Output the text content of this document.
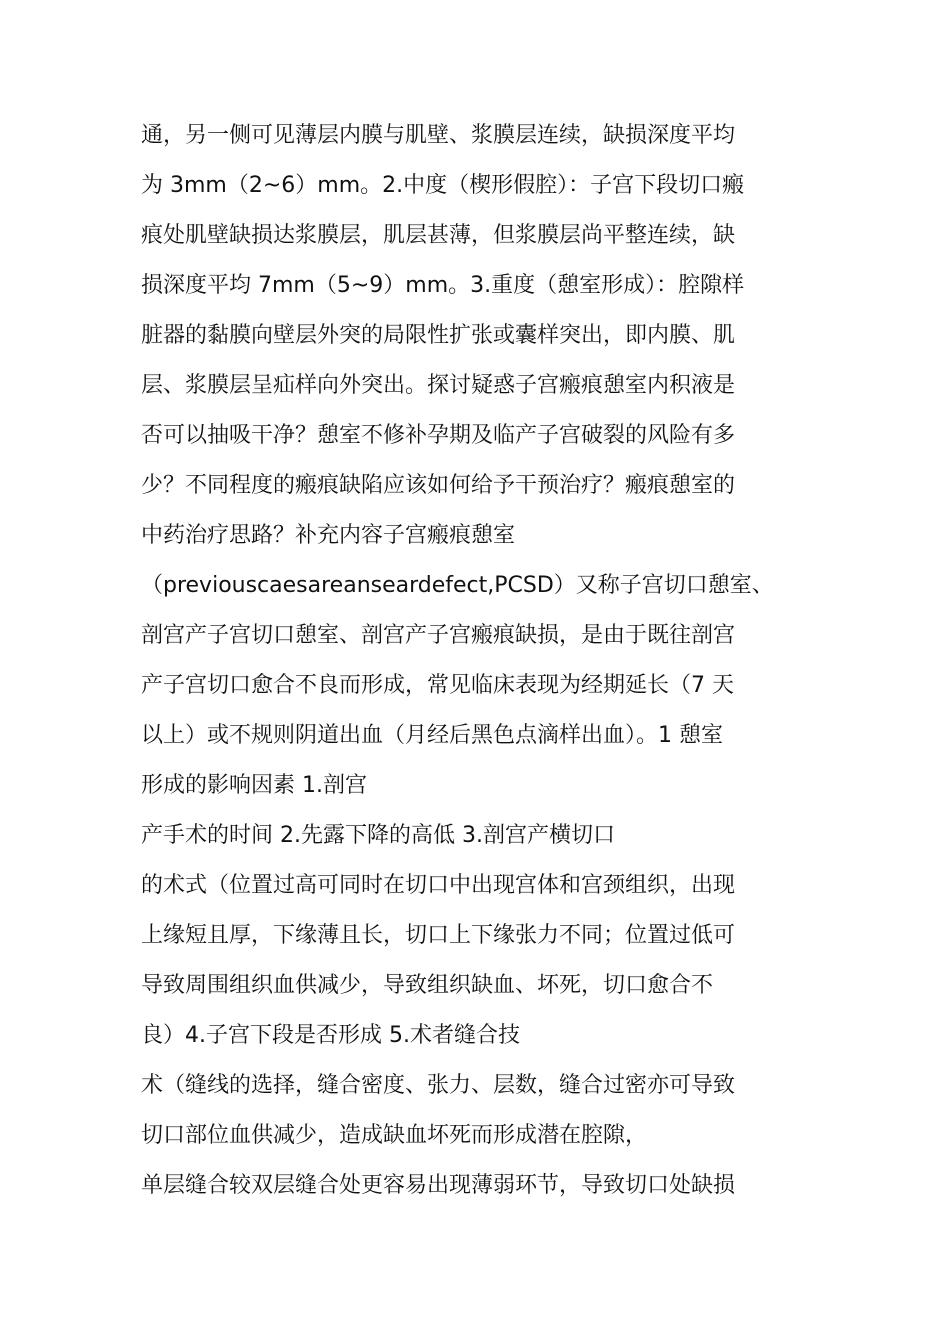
通，另一侧可见薄层内膜与肌壁、浆膜层连续，缺损深度平均
为 3mm（2~6）mm。2.中度（楔形假腔）：子宫下段切口瘢
痕处肌壁缺损达浆膜层，肌层甚薄，但浆膜层尚平整连续，缺
损深度平均 7mm（5~9）mm。3.重度（憩室形成）：腔隙样
脏器的黏膜向壁层外突的局限性扩张或囊样突出，即内膜、肌
层、浆膜层呈疝样向外突出。探讨疑惑子宫瘢痕憩室内积液是
否可以抽吸干净？憩室不修补孕期及临产子宫破裂的风险有多
少？不同程度的瘢痕缺陷应该如何给予干预治疗？瘢痕憩室的
中药治疗思路？补充内容子宫瘢痕憩室
（previouscaesareanseardefect,PCSD）又称子宫切口憩室、
剖宫产子宫切口憩室、剖宫产子宫瘢痕缺损，是由于既往剖宫
产子宫切口愈合不良而形成，常见临床表现为经期延长（7 天
以上）或不规则阴道出血（月经后黑色点滴样出血）。1 憩室
形成的影响因素 1.剖宫
产手术的时间 2.先露下降的高低 3.剖宫产横切口
的术式（位置过高可同时在切口中出现宫体和宫颈组织，出现
上缘短且厚，下缘薄且长，切口上下缘张力不同；位置过低可
导致周围组织血供减少，导致组织缺血、坏死，切口愈合不
良）4.子宫下段是否形成 5.术者缝合技
术（缝线的选择，缝合密度、张力、层数，缝合过密亦可导致
切口部位血供减少，造成缺血坏死而形成潜在腔隙，
单层缝合较双层缝合处更容易出现薄弱环节，导致切口处缺损
